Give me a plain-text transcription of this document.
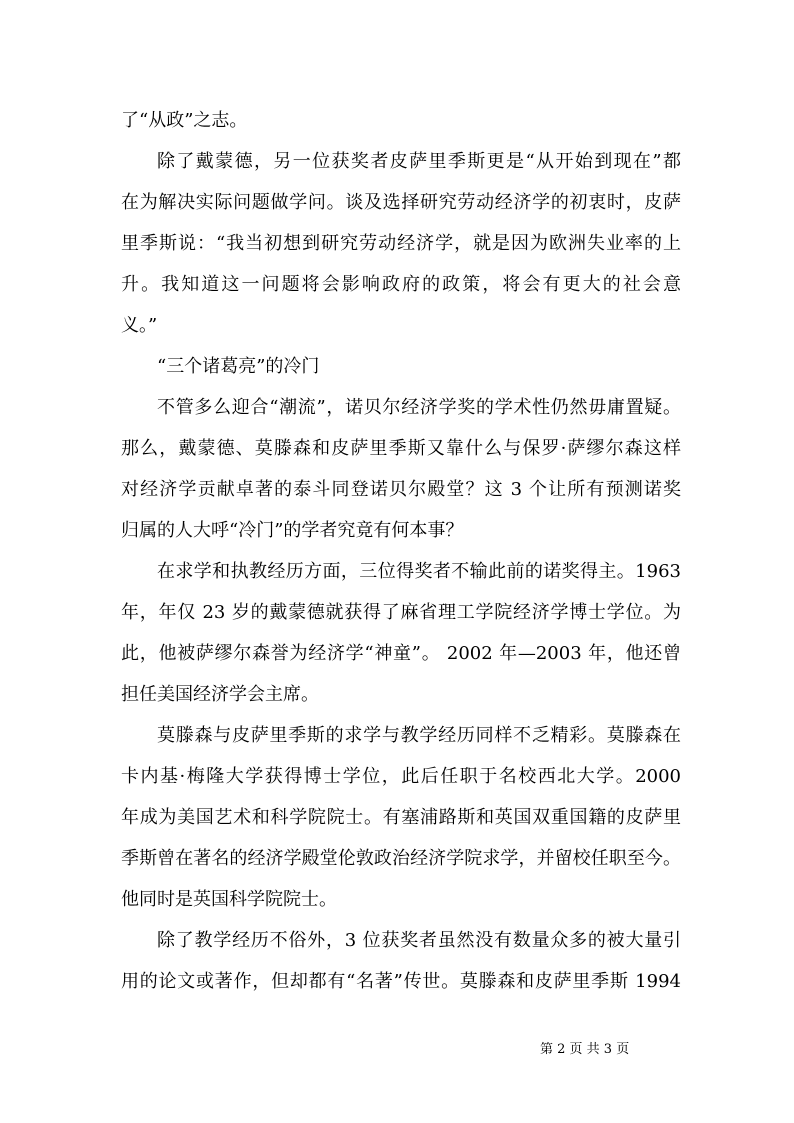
了“从政”之志。
除了戴蒙德，另一位获奖者皮萨里季斯更是“从开始到现在”都
在为解决实际问题做学问。谈及选择研究劳动经济学的初衷时，皮萨
里季斯说：“我当初想到研究劳动经济学，就是因为欧洲失业率的上
升。我知道这一问题将会影响政府的政策，将会有更大的社会意
义。”
“三个诸葛亮”的冷门
不管多么迎合“潮流”，诺贝尔经济学奖的学术性仍然毋庸置疑。
那么，戴蒙德、莫滕森和皮萨里季斯又靠什么与保罗·萨缪尔森这样
对经济学贡献卓著的泰斗同登诺贝尔殿堂？这 3 个让所有预测诺奖
归属的人大呼“冷门”的学者究竟有何本事？
在求学和执教经历方面，三位得奖者不输此前的诺奖得主。1963
年，年仅 23 岁的戴蒙德就获得了麻省理工学院经济学博士学位。为
此，他被萨缪尔森誉为经济学“神童”。 2002 年—2003 年，他还曾
担任美国经济学会主席。
莫滕森与皮萨里季斯的求学与教学经历同样不乏精彩。莫滕森在
卡内基·梅隆大学获得博士学位，此后任职于名校西北大学。2000
年成为美国艺术和科学院院士。有塞浦路斯和英国双重国籍的皮萨里
季斯曾在著名的经济学殿堂伦敦政治经济学院求学，并留校任职至今。
他同时是英国科学院院士。
除了教学经历不俗外，3 位获奖者虽然没有数量众多的被大量引
用的论文或著作，但却都有“名著”传世。莫滕森和皮萨里季斯 1994
第 2 页 共 3 页
